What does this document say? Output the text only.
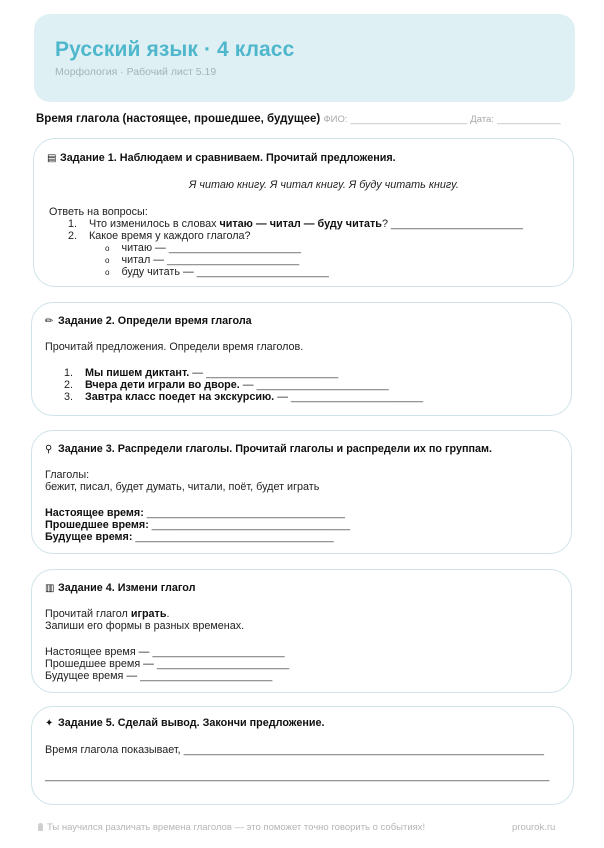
Русский язык · 4 класс
Морфология · Рабочий лист 5.19
Время глагола (настоящее, прошедшее, будущее) ФИО: ______________________ Дата: ____________
▤ Задание 1. Наблюдаем и сравниваем. Прочитай предложения.
Я читаю книгу. Я читал книгу. Я буду читать книгу.
Ответь на вопросы:
1. Что изменилось в словах читаю — читал — буду читать? ______________________
2. Какое время у каждого глагола?
o читаю — ______________________
o читал — ______________________
o буду читать — ______________________
✏ Задание 2. Определи время глагола
Прочитай предложения. Определи время глаголов.
1. Мы пишем диктант. — ______________________
2. Вчера дети играли во дворе. — ______________________
3. Завтра класс поедет на экскурсию. — ______________________
⚲ Задание 3. Распредели глаголы. Прочитай глаголы и распредели их по группам.
Глаголы:
бежит, писал, будет думать, читали, поёт, будет играть
Настоящее время: _________________________________
Прошедшее время: _________________________________
Будущее время: _________________________________
▥ Задание 4. Измени глагол
Прочитай глагол играть.
Запиши его формы в разных временах.
Настоящее время — ______________________
Прошедшее время — ______________________
Будущее время — ______________________
✦ Задание 5. Сделай вывод. Закончи предложение.
Время глагола показывает, ____________________________________________________________
____________________________________________________________________________________
Ты научился различать времена глаголов — это поможет точно говорить о событиях!	prourok.ru
